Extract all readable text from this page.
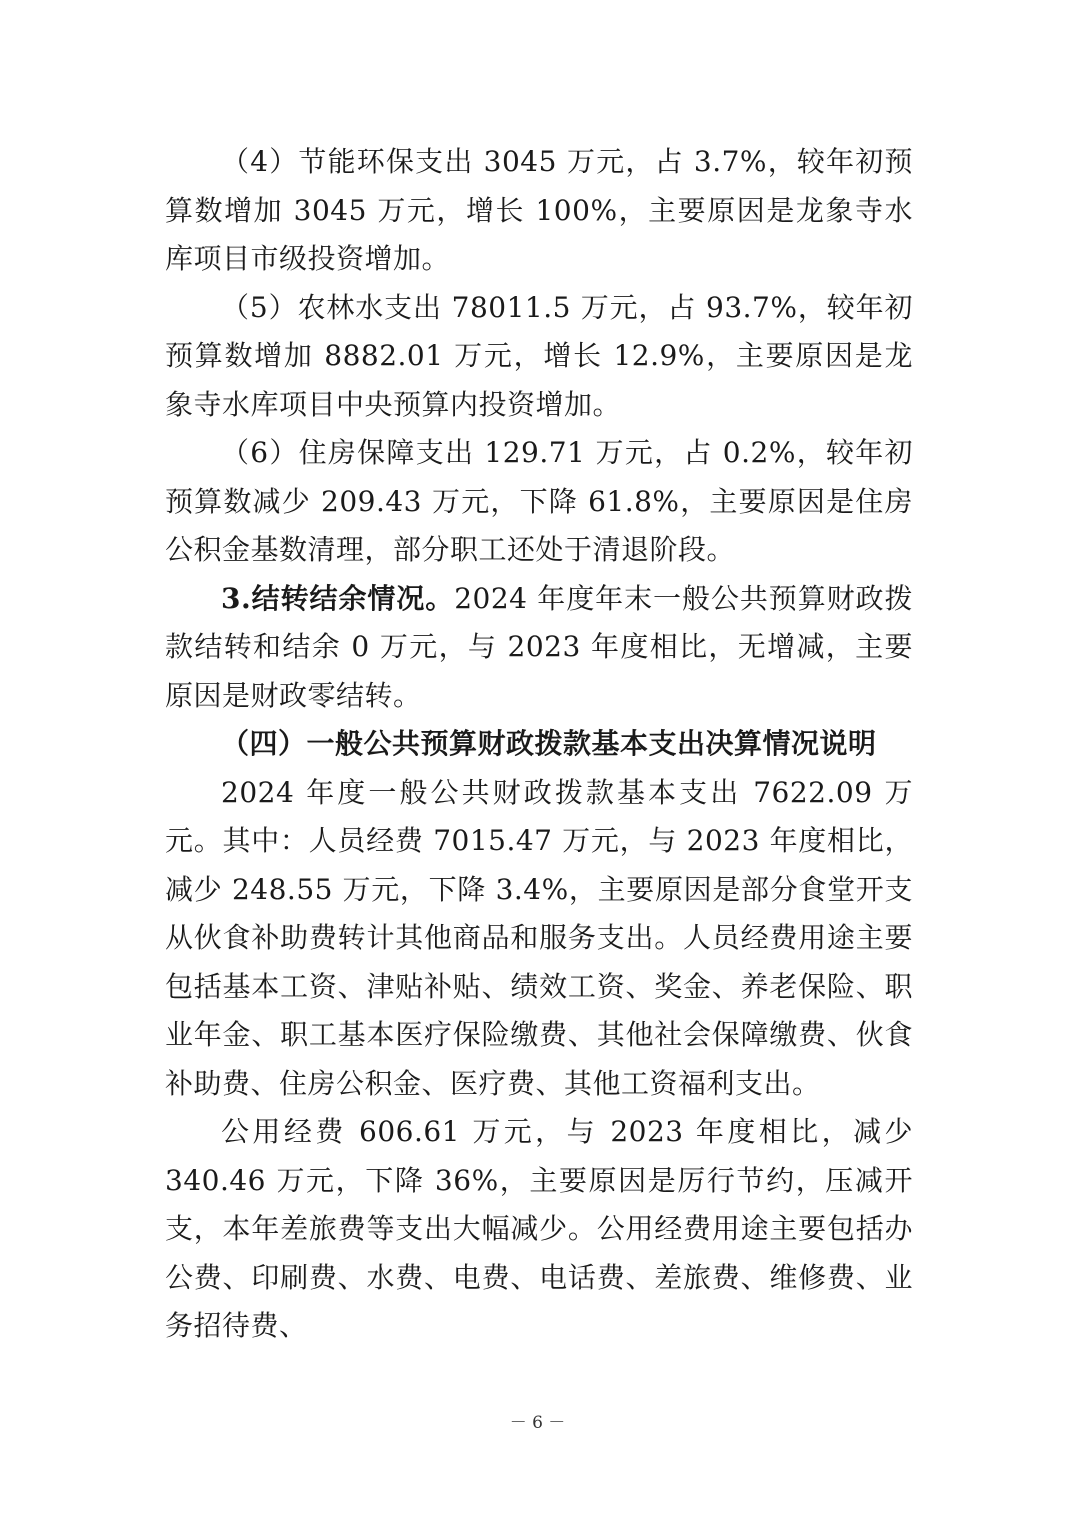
（4）节能环保支出 3045 万元，占 3.7%，较年初预算数增加 3045 万元，增长 100%，主要原因是龙象寺水库项目市级投资增加。

（5）农林水支出 78011.5 万元，占 93.7%，较年初预算数增加 8882.01 万元，增长 12.9%，主要原因是龙象寺水库项目中央预算内投资增加。

（6）住房保障支出 129.71 万元，占 0.2%，较年初预算数减少 209.43 万元，下降 61.8%，主要原因是住房公积金基数清理，部分职工还处于清退阶段。

3.结转结余情况。2024 年度年末一般公共预算财政拨款结转和结余 0 万元，与 2023 年度相比，无增减，主要原因是财政零结转。

（四）一般公共预算财政拨款基本支出决算情况说明

2024 年度一般公共财政拨款基本支出 7622.09 万元。其中：人员经费 7015.47 万元，与 2023 年度相比，减少 248.55 万元，下降 3.4%，主要原因是部分食堂开支从伙食补助费转计其他商品和服务支出。人员经费用途主要包括基本工资、津贴补贴、绩效工资、奖金、养老保险、职业年金、职工基本医疗保险缴费、其他社会保障缴费、伙食补助费、住房公积金、医疗费、其他工资福利支出。

公用经费 606.61 万元，与 2023 年度相比，减少 340.46 万元，下降 36%，主要原因是厉行节约，压减开支，本年差旅费等支出大幅减少。公用经费用途主要包括办公费、印刷费、水费、电费、电话费、差旅费、维修费、业务招待费、

－ 6 －
